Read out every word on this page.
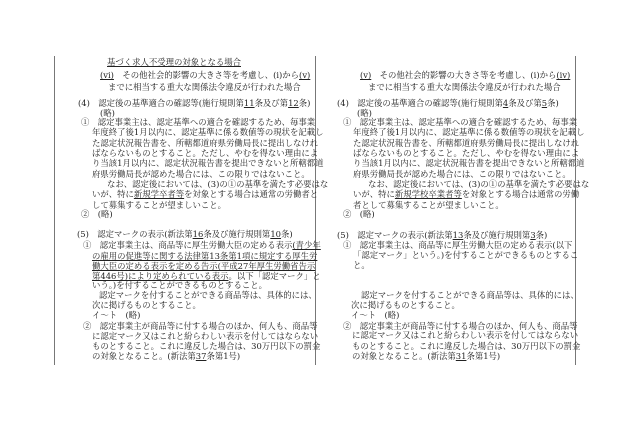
基づく求人不受理の対象となる場合
(vi)　その他社会的影響の大きさ等を考慮し、(i)から(v)
までに相当する重大な関係法令違反が行われた場合
(4)　認定後の基準適合の確認等(施行規則第11条及び第12条)
(略)
①　認定事業主は、認定基準への適合を確認するため、毎事業
年度終了後1月以内に、認定基準に係る数値等の現状を記載し
た認定状況報告書を、所轄都道府県労働局長に提出しなけれ
ばならないものとすること。ただし、やむを得ない理由によ
り当該1月以内に、認定状況報告書を提出できないと所轄都道
府県労働局長が認めた場合には、この限りではないこと。
なお、認定後においては、(3)の①の基準を満たす必要はな
いが、特に新規学卒者等を対象とする場合は通常の労働者と
して募集することが望ましいこと。
②　(略)
(5)　認定マークの表示(新法第16条及び施行規則第10条)
①　認定事業主は、商品等に厚生労働大臣の定める表示(青少年
の雇用の促進等に関する法律第13条第1項に規定する厚生労
働大臣の定める表示を定める告示(平成27年厚生労働省告示
第446号)により定められている表示。以下「認定マーク」と
いう。)を付することができるものとすること。
認定マークを付することができる商品等は、具体的には、
次に掲げるものとすること。
イ～ト　(略)
②　認定事業主が商品等に付する場合のほか、何人も、商品等
に認定マーク又はこれと紛らわしい表示を付してはならない
ものとすること。これに違反した場合は、30万円以下の罰金
の対象となること。(新法第37条第1号)
(v)　その他社会的影響の大きさ等を考慮し、(i)から(iv)
までに相当する重大な関係法令違反が行われた場合
(4)　認定後の基準適合の確認等(施行規則第4条及び第5条)
(略)
①　認定事業主は、認定基準への適合を確認するため、毎事業
年度終了後1月以内に、認定基準に係る数値等の現状を記載し
た認定状況報告書を、所轄都道府県労働局長に提出しなけれ
ばならないものとすること。ただし、やむを得ない理由によ
り当該1月以内に、認定状況報告書を提出できないと所轄都道
府県労働局長が認めた場合には、この限りではないこと。
なお、認定後においては、(3)の①の基準を満たす必要はな
いが、特に新規学校卒業者等を対象とする場合は通常の労働
者として募集することが望ましいこと。
②　(略)
(5)　認定マークの表示(新法第13条及び施行規則第3条)
①　認定事業主は、商品等に厚生労働大臣の定める表示(以下
「認定マーク」という。)を付することができるものとするこ
と。
認定マークを付することができる商品等は、具体的には、
次に掲げるものとすること。
イ～ト　(略)
②　認定事業主が商品等に付する場合のほか、何人も、商品等
に認定マーク又はこれと紛らわしい表示を付してはならない
ものとすること。これに違反した場合は、30万円以下の罰金
の対象となること。(新法第31条第1号)
